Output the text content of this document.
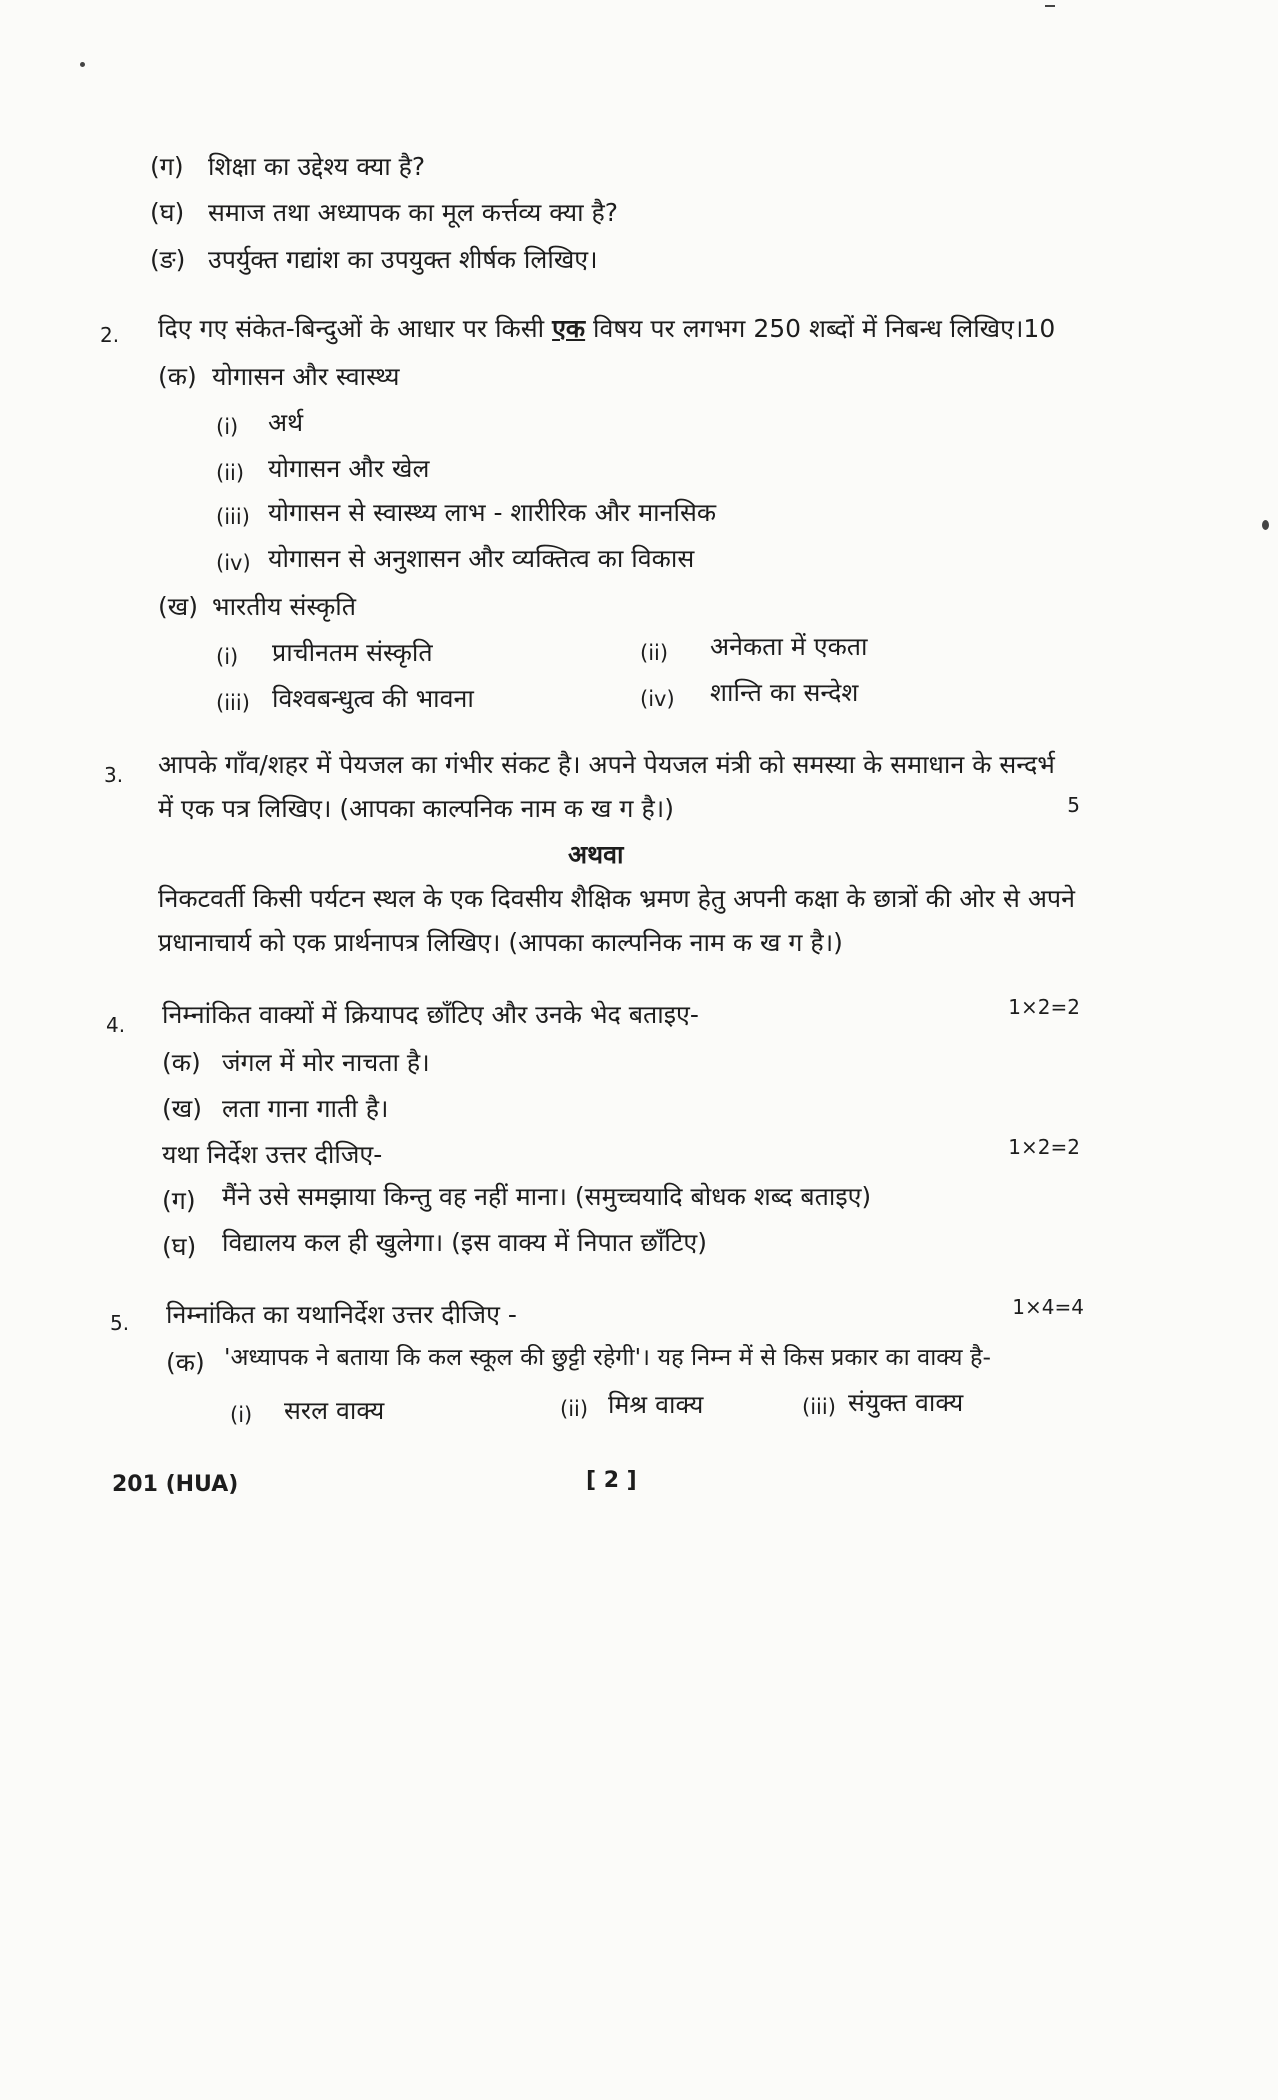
(ग) शिक्षा का उद्देश्य क्या है?
(घ) समाज तथा अध्यापक का मूल कर्त्तव्य क्या है?
(ङ) उपर्युक्त गद्यांश का उपयुक्त शीर्षक लिखिए।
2. दिए गए संकेत-बिन्दुओं के आधार पर किसी एक विषय पर लगभग 250 शब्दों में निबन्ध लिखिए।10
(क) योगासन और स्वास्थ्य
(i) अर्थ
(ii) योगासन और खेल
(iii) योगासन से स्वास्थ्य लाभ - शारीरिक और मानसिक
(iv) योगासन से अनुशासन और व्यक्तित्व का विकास
(ख) भारतीय संस्कृति
(i) प्राचीनतम संस्कृति	(ii) अनेकता में एकता
(iii) विश्वबन्धुत्व की भावना	(iv) शान्ति का सन्देश
3. आपके गाँव/शहर में पेयजल का गंभीर संकट है। अपने पेयजल मंत्री को समस्या के समाधान के सन्दर्भ
में एक पत्र लिखिए। (आपका काल्पनिक नाम क ख ग है।)	5
अथवा
निकटवर्ती किसी पर्यटन स्थल के एक दिवसीय शैक्षिक भ्रमण हेतु अपनी कक्षा के छात्रों की ओर से अपने
प्रधानाचार्य को एक प्रार्थनापत्र लिखिए। (आपका काल्पनिक नाम क ख ग है।)
4. निम्नांकित वाक्यों में क्रियापद छाँटिए और उनके भेद बताइए-	1×2=2
(क) जंगल में मोर नाचता है।
(ख) लता गाना गाती है।
यथा निर्देश उत्तर दीजिए-	1×2=2
(ग) मैंने उसे समझाया किन्तु वह नहीं माना। (समुच्चयादि बोधक शब्द बताइए)
(घ) विद्यालय कल ही खुलेगा। (इस वाक्य में निपात छाँटिए)
5. निम्नांकित का यथानिर्देश उत्तर दीजिए -	1×4=4
(क) 'अध्यापक ने बताया कि कल स्कूल की छुट्टी रहेगी'। यह निम्न में से किस प्रकार का वाक्य है-
(i) सरल वाक्य	(ii) मिश्र वाक्य	(iii) संयुक्त वाक्य
201 (HUA)	[ 2 ]
